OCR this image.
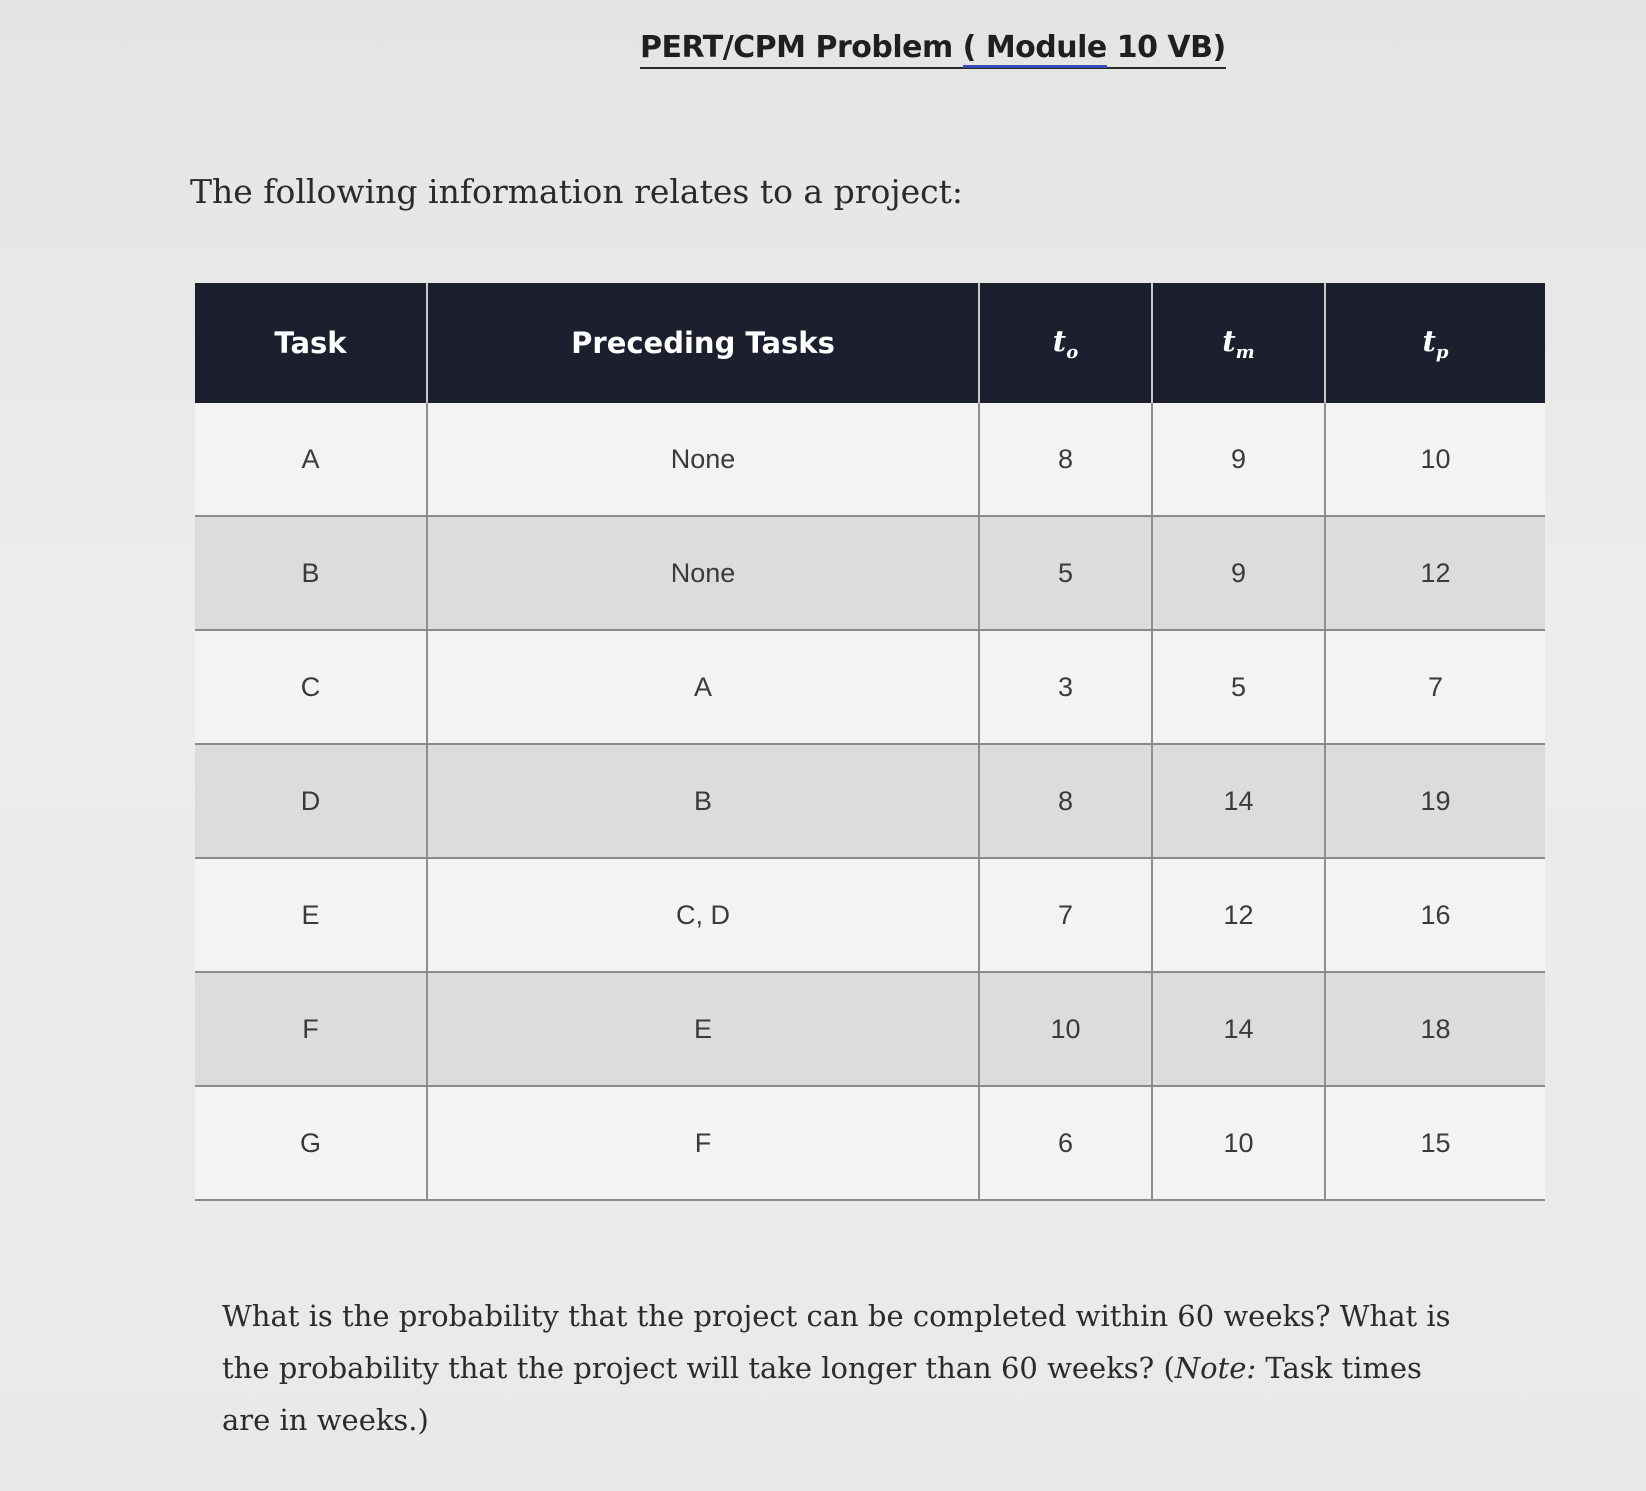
PERT/CPM Problem ( Module 10 VB)
The following information relates to a project:
Task	Preceding Tasks	$t_o$	$t_m$	$t_p$
A	None	8	9	10
B	None	5	9	12
C	A	3	5	7
D	B	8	14	19
E	C, D	7	12	16
F	E	10	14	18
G	F	6	10	15
What is the probability that the project can be completed within 60 weeks? What is the probability that the project will take longer than 60 weeks? (Note: Task times are in weeks.)
